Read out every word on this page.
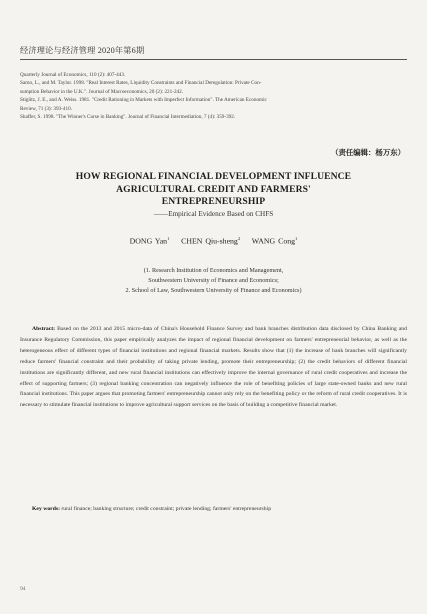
经济理论与经济管理 2020年第6期

Quarterly Journal of Economics, 110 (2): 407-443.

Sarno, L., and M. Taylor. 1998. "Real Interest Rates, Liquidity Constraints and Financial Deregulation: Private Con-

sumption Behavior in the U.K.". Journal of Macroeconomics, 20 (2): 221-242.

Stiglitz, J. E., and A. Weiss. 1981. "Credit Rationing in Markets with Imperfect Information". The American Economic

Review, 71 (3): 393-410.

Shaffer, S. 1998. "The Winner's Curse in Banking". Journal of Financial Intermediation, 7 (4): 359-392.

（责任编辑：杨万东）
HOW REGIONAL FINANCIAL DEVELOPMENT INFLUENCE
AGRICULTURAL CREDIT AND FARMERS'
ENTREPRENEURSHIP
——Empirical Evidence Based on CHFS
DONG Yan$^1$ CHEN Qiu-sheng$^2$ WANG Cong$^1$
(1. Research Institution of Economics and Management,
Southwestern University of Finance and Economics;
2. School of Law, Southwestern University of Finance and Economics)
Abstract: Based on the 2013 and 2015 micro-data of China's Household Finance Survey and bank branches distribution data disclosed by China Banking and Insurance Regulatory Commission, this paper empirically analyzes the impact of regional financial development on farmers' entrepreneurial behavior, as well as the heterogeneous effect of different types of financial institutions and regional financial markets. Results show that (1) the increase of bank branches will significantly reduce farmers' financial constraint and their probability of taking private lending, promote their entrepreneurship; (2) the credit behaviors of different financial institutions are significantly different, and new rural financial institutions can effectively improve the internal governance of rural credit cooperatives and increase the effect of supporting farmers; (3) regional banking concentration can negatively influence the role of benefiting policies of large state-owned banks and new rural financial institutions. This paper argues that promoting farmers' entrepreneurship cannot only rely on the benefiting policy or the reform of rural credit cooperatives. It is necessary to stimulate financial institutions to improve agricultural support services on the basis of building a competitive financial market.
Key words: rural finance; banking structure; credit constraint; private lending; farmers' entrepreneurship
94
